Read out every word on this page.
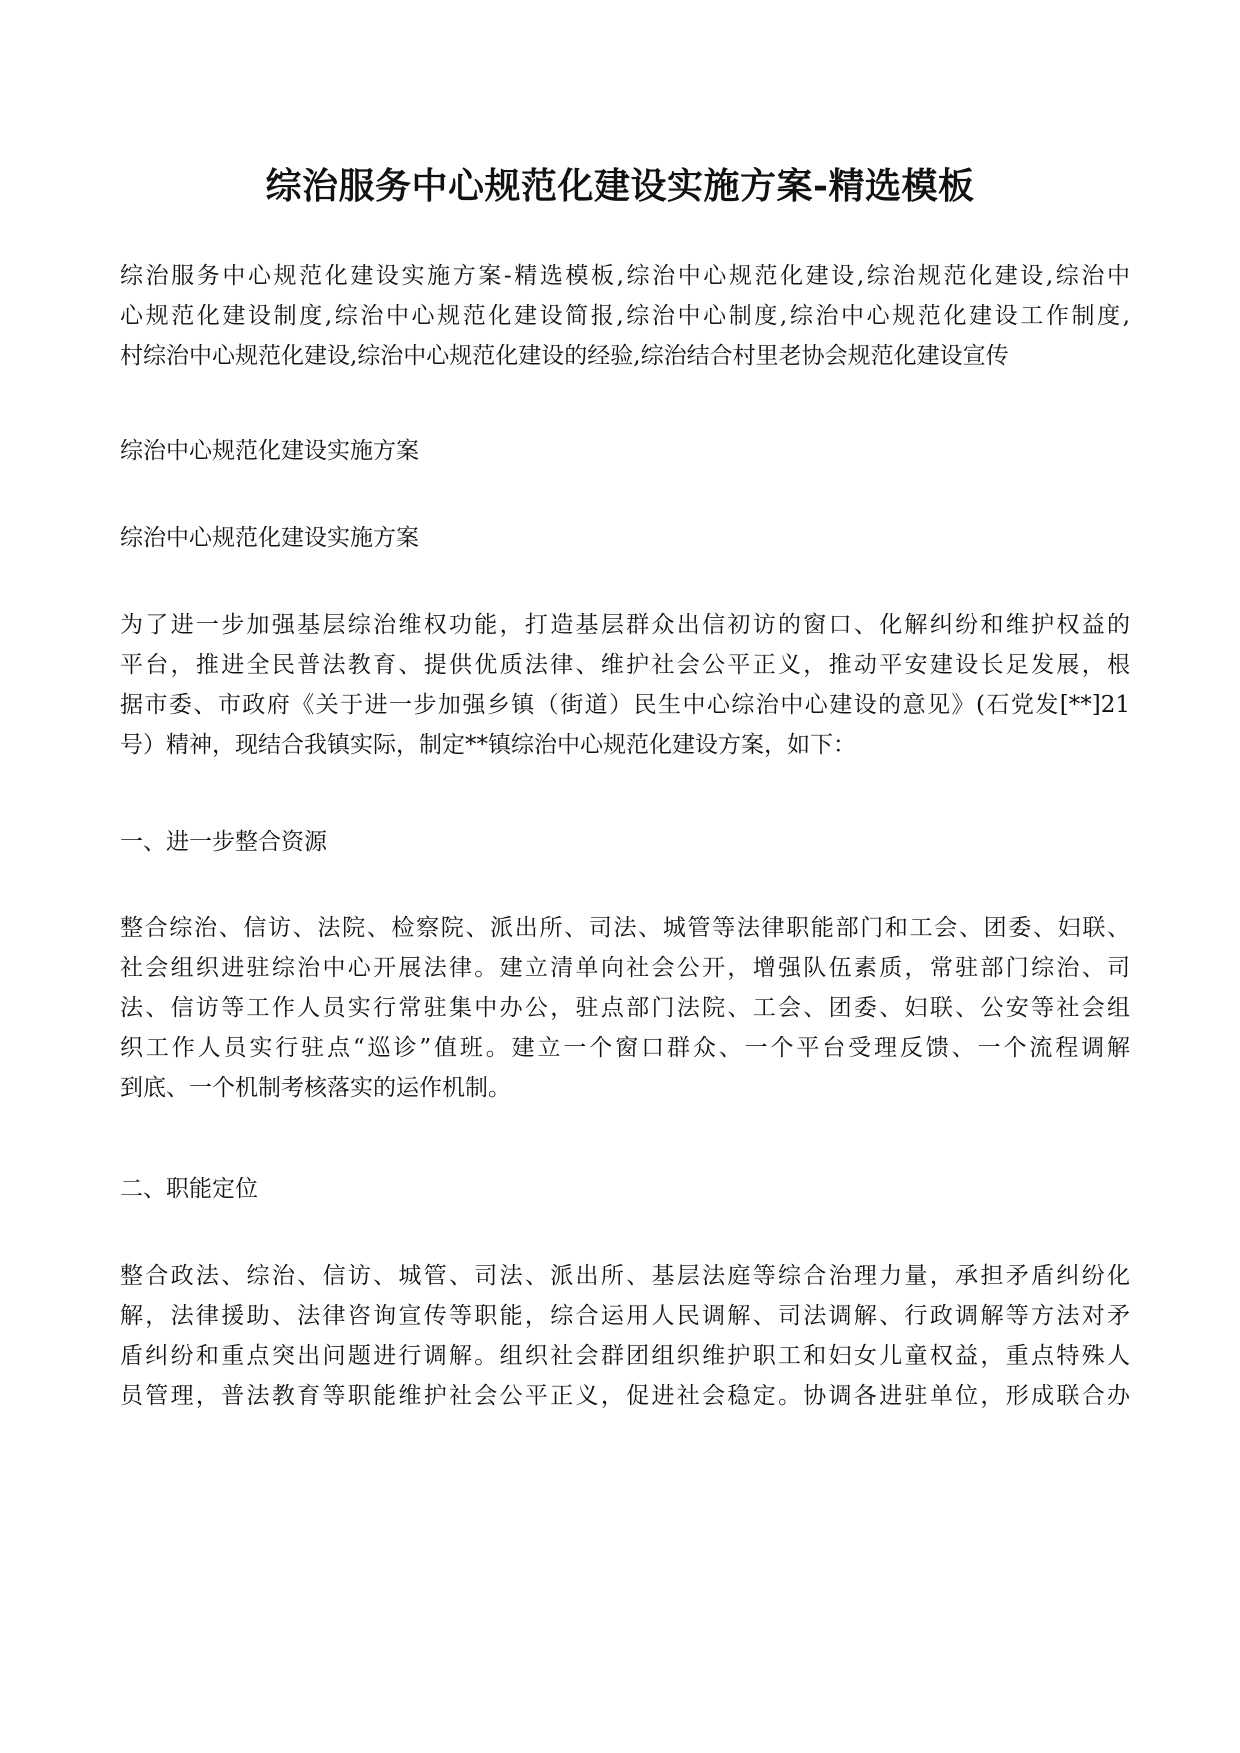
综治服务中心规范化建设实施方案-精选模板
综治服务中心规范化建设实施方案-精选模板,综治中心规范化建设,综治规范化建设,综治中
心规范化建设制度,综治中心规范化建设简报,综治中心制度,综治中心规范化建设工作制度,
村综治中心规范化建设,综治中心规范化建设的经验,综治结合村里老协会规范化建设宣传
综治中心规范化建设实施方案
综治中心规范化建设实施方案
为了进一步加强基层综治维权功能，打造基层群众出信初访的窗口、化解纠纷和维护权益的
平台，推进全民普法教育、提供优质法律、维护社会公平正义，推动平安建设长足发展，根
据市委、市政府《关于进一步加强乡镇（街道）民生中心综治中心建设的意见》(石党发[**]21
号）精神，现结合我镇实际，制定**镇综治中心规范化建设方案，如下：
一、进一步整合资源
整合综治、信访、法院、检察院、派出所、司法、城管等法律职能部门和工会、团委、妇联、
社会组织进驻综治中心开展法律。建立清单向社会公开，增强队伍素质，常驻部门综治、司
法、信访等工作人员实行常驻集中办公，驻点部门法院、工会、团委、妇联、公安等社会组
织工作人员实行驻点“巡诊”值班。建立一个窗口群众、一个平台受理反馈、一个流程调解
到底、一个机制考核落实的运作机制。
二、职能定位
整合政法、综治、信访、城管、司法、派出所、基层法庭等综合治理力量，承担矛盾纠纷化
解，法律援助、法律咨询宣传等职能，综合运用人民调解、司法调解、行政调解等方法对矛
盾纠纷和重点突出问题进行调解。组织社会群团组织维护职工和妇女儿童权益，重点特殊人
员管理，普法教育等职能维护社会公平正义，促进社会稳定。协调各进驻单位，形成联合办
